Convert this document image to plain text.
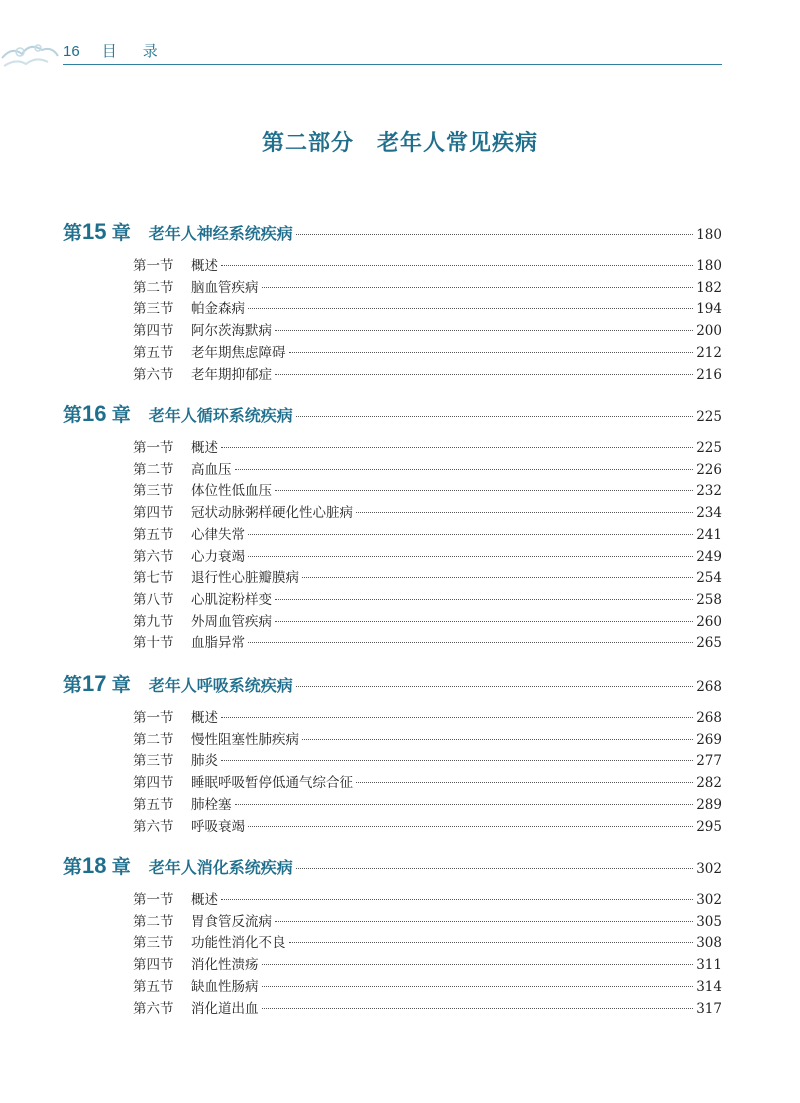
16 目 录
第二部分　老年人常见疾病
第15 章 老年人神经系统疾病	180
第一节	概述	180
第二节	脑血管疾病	182
第三节	帕金森病	194
第四节	阿尔茨海默病	200
第五节	老年期焦虑障碍	212
第六节	老年期抑郁症	216
第16 章 老年人循环系统疾病	225
第一节	概述	225
第二节	高血压	226
第三节	体位性低血压	232
第四节	冠状动脉粥样硬化性心脏病	234
第五节	心律失常	241
第六节	心力衰竭	249
第七节	退行性心脏瓣膜病	254
第八节	心肌淀粉样变	258
第九节	外周血管疾病	260
第十节	血脂异常	265
第17 章 老年人呼吸系统疾病	268
第一节	概述	268
第二节	慢性阻塞性肺疾病	269
第三节	肺炎	277
第四节	睡眠呼吸暂停低通气综合征	282
第五节	肺栓塞	289
第六节	呼吸衰竭	295
第18 章 老年人消化系统疾病	302
第一节	概述	302
第二节	胃食管反流病	305
第三节	功能性消化不良	308
第四节	消化性溃疡	311
第五节	缺血性肠病	314
第六节	消化道出血	317
